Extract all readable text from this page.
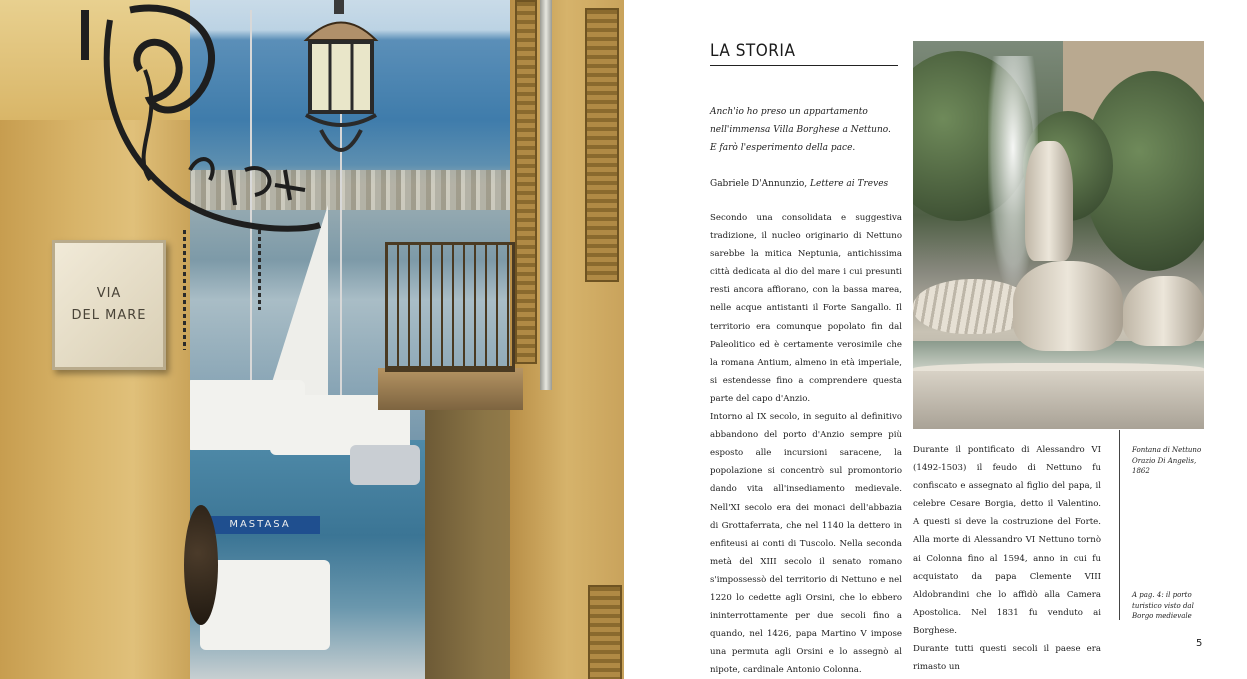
MASTASA
VIA
DEL MARE
LA STORIA
Anch'io ho preso un appartamento
nell'immensa Villa Borghese a Nettuno.
E farò l'esperimento della pace.
Gabriele D'Annunzio, Lettere ai Treves

Secondo una consolidata e suggestiva tradizione, il nucleo originario di Nettuno sarebbe la mitica Neptunia, antichissima città dedicata al dio del mare i cui presunti resti ancora affiorano, con la bassa marea, nelle acque antistanti il Forte Sangallo. Il territorio era comunque popolato fin dal Paleolitico ed è certamente verosimile che la romana Antium, almeno in età imperiale, si estendesse fino a comprendere questa parte del capo d'Anzio.

Intorno al IX secolo, in seguito al definitivo abbandono del porto d'Anzio sempre più esposto alle incursioni saracene, la popolazione si concentrò sul promontorio dando vita all'insediamento medievale. Nell'XI secolo era dei monaci dell'abbazia di Grottaferrata, che nel 1140 la dettero in enfiteusi ai conti di Tuscolo. Nella seconda metà del XIII secolo il senato romano s'impossessò del territorio di Nettuno e nel 1220 lo cedette agli Orsini, che lo ebbero ininterrottamente per due secoli fino a quando, nel 1426, papa Martino V impose una permuta agli Orsini e lo assegnò al nipote, cardinale Antonio Colonna.

Durante il pontificato di Alessandro VI (1492-1503) il feudo di Nettuno fu confiscato e assegnato al figlio del papa, il celebre Cesare Borgia, detto il Valentino. A questi si deve la costruzione del Forte. Alla morte di Alessandro VI Nettuno tornò ai Colonna fino al 1594, anno in cui fu acquistato da papa Clemente VIII Aldobrandini che lo affidò alla Camera Apostolica. Nel 1831 fu venduto ai Borghese.

Durante tutti questi secoli il paese era rimasto un

Fontana di Nettuno Orazio Di Angelis, 1862
A pag. 4: il porto turistico visto dal Borgo medievale
5
